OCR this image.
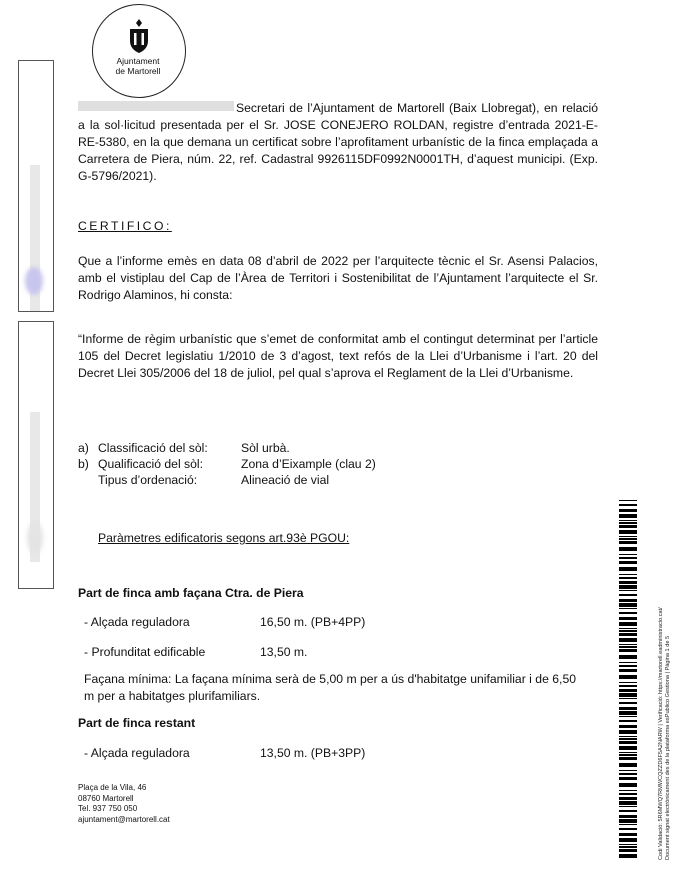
Ajuntament
de Martorell
Secretari de l’Ajuntament de Martorell (Baix Llobregat), en relació a la sol·licitud presentada per el Sr. JOSE CONEJERO ROLDAN, registre d’entrada 2021-E-RE-5380, en la que demana un certificat sobre l’aprofitament urbanístic de la finca emplaçada a Carretera de Piera, núm. 22, ref. Cadastral 9926115DF0992N0001TH, d’aquest municipi. (Exp. G-5796/2021).
CERTIFICO:
Que a l’informe emès en data 08 d’abril de 2022 per l’arquitecte tècnic el Sr. Asensi Palacios, amb el vistiplau del Cap de l’Àrea de Territori i Sostenibilitat de l’Ajuntament l’arquitecte el Sr. Rodrigo Alaminos, hi consta:
“Informe de règim urbanístic que s’emet de conformitat amb el contingut determinat per l’article 105 del Decret legislatiu 1/2010 de 3 d’agost, text refós de la Llei d’Urbanisme i l’art. 20 del Decret Llei 305/2006 del 18 de juliol, pel qual s’aprova el Reglament de la Llei d’Urbanisme.
a) Classificació del sòl:	Sòl urbà.
b) Qualificació del sòl:	Zona d’Eixample (clau 2)
Tipus d’ordenació:	Alineació de vial
Paràmetres edificatoris segons art.93è PGOU:
Part de finca amb façana Ctra. de Piera
- Alçada reguladora	16,50 m. (PB+4PP)
- Profunditat edificable	13,50 m.
Façana mínima: La façana mínima serà de 5,00 m per a ús d'habitatge unifamiliar i de 6,50 m per a habitatges plurifamiliars.
Part de finca restant
- Alçada reguladora	13,50 m. (PB+3PP)
Plaça de la Vila, 46
08760 Martorell
Tel. 937 750 050
ajuntament@martorell.cat	Codi Validació: 5R6MWQ7RMWCQZZD6F5A2NARW | Verificació: https://martorell.eadministracio.cat/ Document signat electrònicament des de la plataforma esPublico Gestiona | Pàgina 1 de 5
